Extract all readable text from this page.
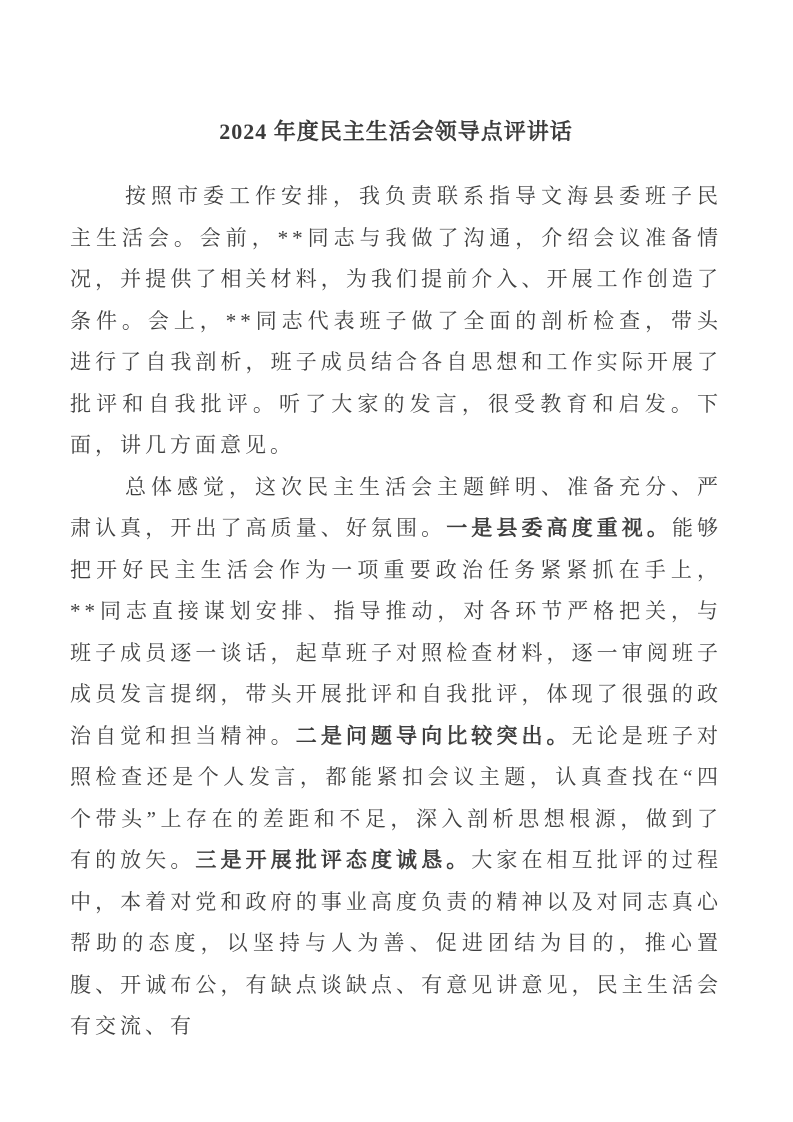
2024 年度民主生活会领导点评讲话

按照市委工作安排，我负责联系指导文海县委班子民主生活会。会前，**同志与我做了沟通，介绍会议准备情况，并提供了相关材料，为我们提前介入、开展工作创造了条件。会上，**同志代表班子做了全面的剖析检查，带头进行了自我剖析，班子成员结合各自思想和工作实际开展了批评和自我批评。听了大家的发言，很受教育和启发。下面，讲几方面意见。

总体感觉，这次民主生活会主题鲜明、准备充分、严肃认真，开出了高质量、好氛围。一是县委高度重视。能够把开好民主生活会作为一项重要政治任务紧紧抓在手上，**同志直接谋划安排、指导推动，对各环节严格把关，与班子成员逐一谈话，起草班子对照检查材料，逐一审阅班子成员发言提纲，带头开展批评和自我批评，体现了很强的政治自觉和担当精神。二是问题导向比较突出。无论是班子对照检查还是个人发言，都能紧扣会议主题，认真查找在“四个带头”上存在的差距和不足，深入剖析思想根源，做到了有的放矢。三是开展批评态度诚恳。大家在相互批评的过程中，本着对党和政府的事业高度负责的精神以及对同志真心帮助的态度，以坚持与人为善、促进团结为目的，推心置腹、开诚布公，有缺点谈缺点、有意见讲意见，民主生活会有交流、有
